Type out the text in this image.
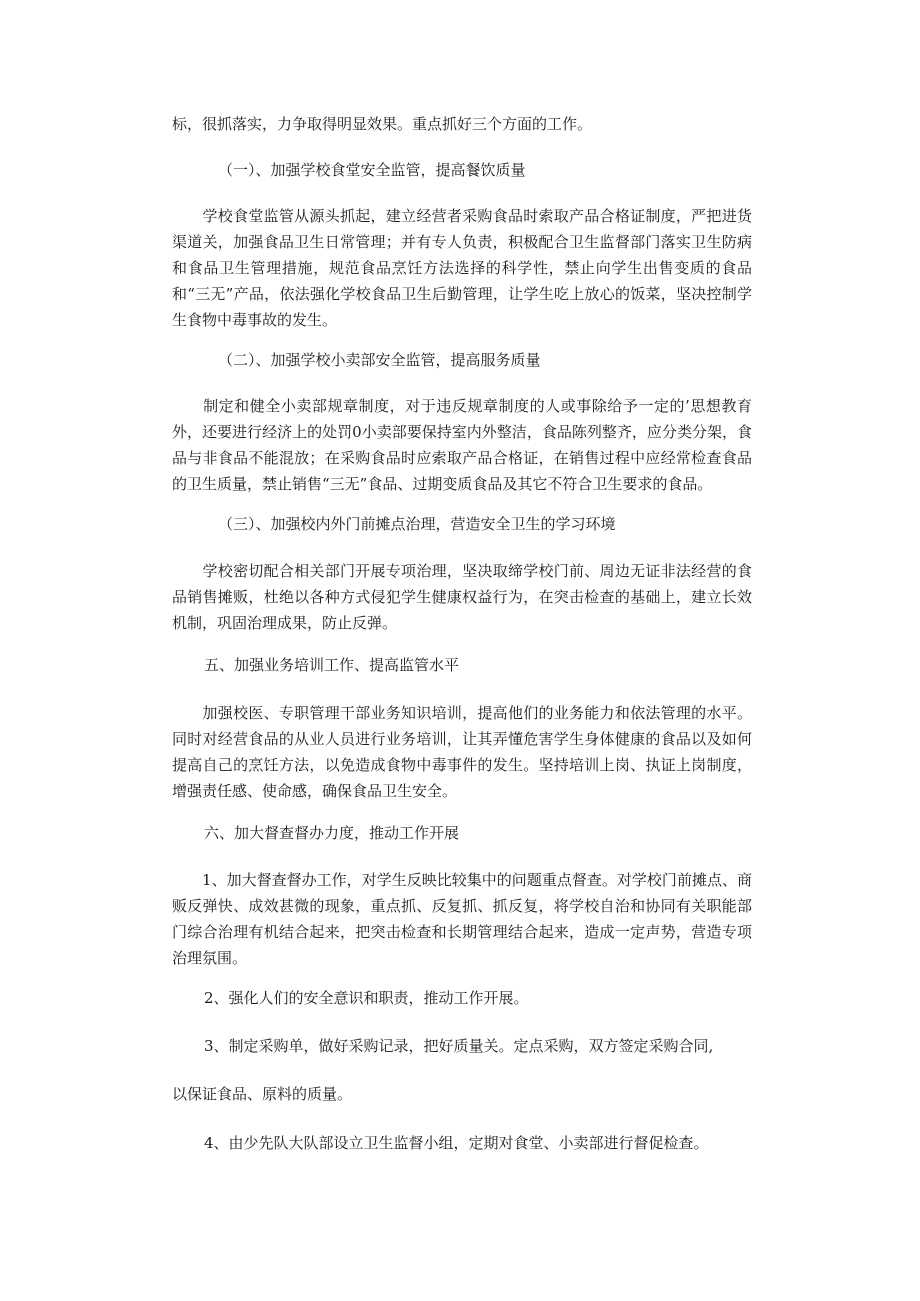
标，很抓落实，力争取得明显效果。重点抓好三个方面的工作。

（一）、加强学校食堂安全监管，提高餐饮质量

　　学校食堂监管从源头抓起，建立经营者采购食品时索取产品合格证制度，严把进货渠道关，加强食品卫生日常管理；并有专人负责，积极配合卫生监督部门落实卫生防病和食品卫生管理措施，规范食品烹饪方法选择的科学性，禁止向学生出售变质的食品和“三无”产品，依法强化学校食品卫生后勤管理，让学生吃上放心的饭菜，坚决控制学生食物中毒事故的发生。

（二）、加强学校小卖部安全监管，提高服务质量

　　制定和健全小卖部规章制度，对于违反规章制度的人或事除给予一定的’思想教育外，还要进行经济上的处罚0小卖部要保持室内外整洁，食品陈列整齐，应分类分架，食品与非食品不能混放；在采购食品时应索取产品合格证，在销售过程中应经常检查食品的卫生质量，禁止销售“三无”食品、过期变质食品及其它不符合卫生要求的食品。

（三）、加强校内外门前摊点治理，营造安全卫生的学习环境

　　学校密切配合相关部门开展专项治理，坚决取缔学校门前、周边无证非法经营的食品销售摊贩，杜绝以各种方式侵犯学生健康权益行为，在突击检查的基础上，建立长效机制，巩固治理成果，防止反弹。

五、加强业务培训工作、提高监管水平

　　加强校医、专职管理干部业务知识培训，提高他们的业务能力和依法管理的水平。同时对经营食品的从业人员进行业务培训，让其弄懂危害学生身体健康的食品以及如何提高自己的烹饪方法，以免造成食物中毒事件的发生。坚持培训上岗、执证上岗制度，增强责任感、使命感，确保食品卫生安全。

六、加大督查督办力度，推动工作开展

　　1、加大督查督办工作，对学生反映比较集中的问题重点督查。对学校门前摊点、商贩反弹快、成效甚微的现象，重点抓、反复抓、抓反复，将学校自治和协同有关职能部门综合治理有机结合起来，把突击检查和长期管理结合起来，造成一定声势，营造专项治理氛围。

2、强化人们的安全意识和职责，推动工作开展。

3、制定采购单，做好采购记录，把好质量关。定点采购，双方签定采购合同,

以保证食品、原料的质量。

4、由少先队大队部设立卫生监督小组，定期对食堂、小卖部进行督促检查。
